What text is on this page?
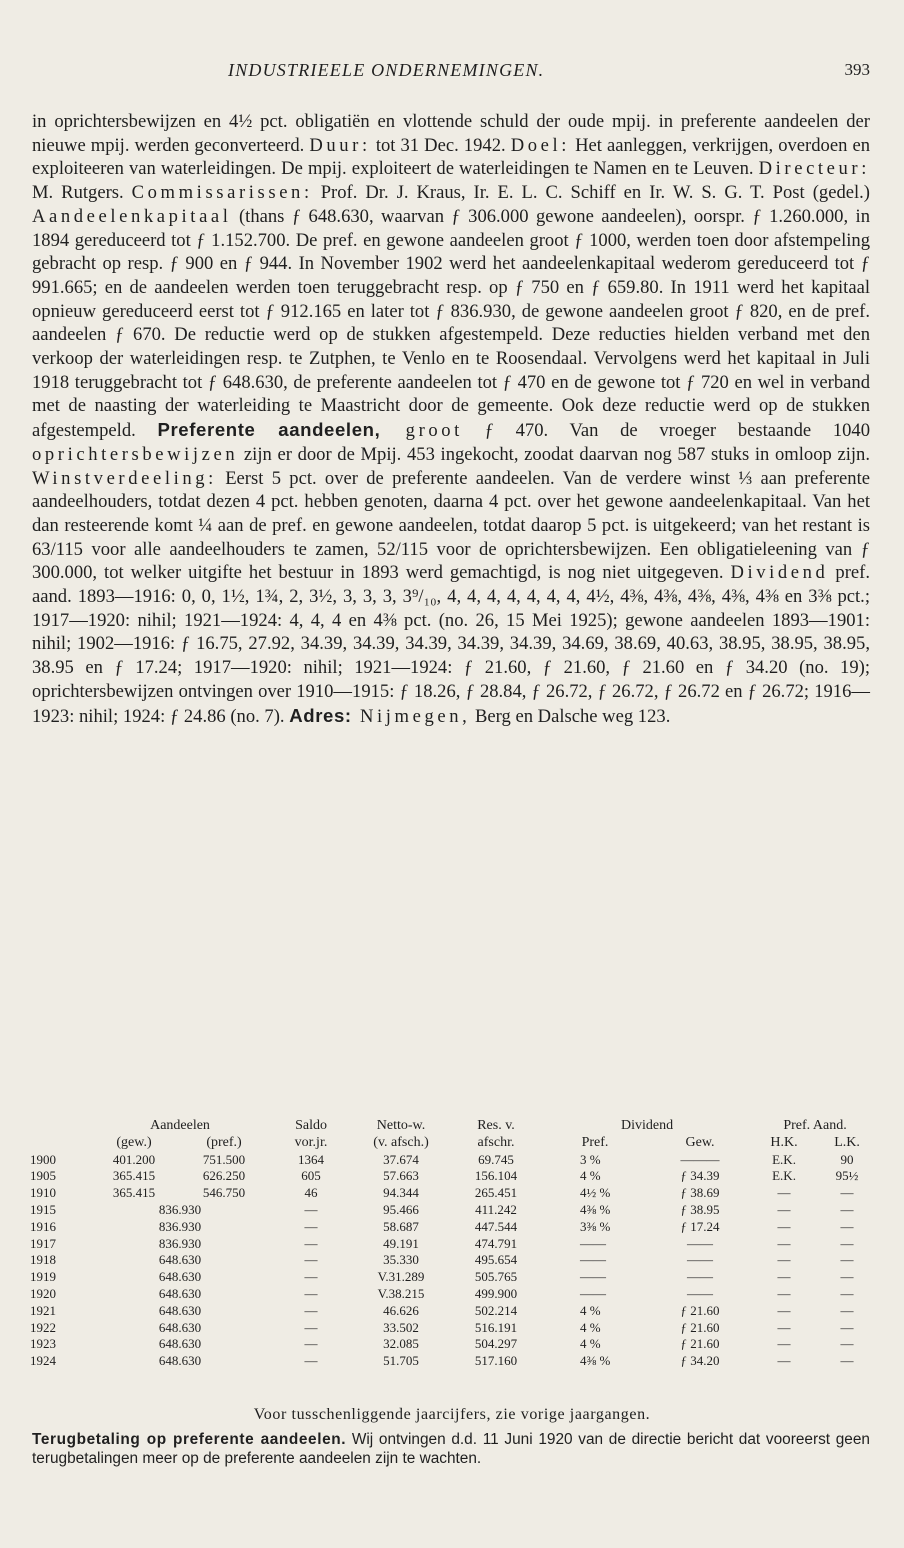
INDUSTRIEELE ONDERNEMINGEN.	393

in oprichtersbewijzen en 4½ pct. obligatiën en vlottende schuld der oude mpij. in preferente aandeelen der nieuwe mpij. werden geconverteerd. Duur: tot 31 Dec. 1942. Doel: Het aanleggen, verkrijgen, overdoen en exploiteeren van waterleidingen. De mpij. exploiteert de waterleidingen te Namen en te Leuven. Directeur: M. Rutgers. Commissarissen: Prof. Dr. J. Kraus, Ir. E. L. C. Schiff en Ir. W. S. G. T. Post (gedel.) Aandeelenkapitaal (thans ƒ 648.630, waarvan ƒ 306.000 gewone aandeelen), oorspr. ƒ 1.260.000, in 1894 gereduceerd tot ƒ 1.152.700. De pref. en gewone aandeelen groot ƒ 1000, werden toen door afstempeling gebracht op resp. ƒ 900 en ƒ 944. In November 1902 werd het aandeelenkapitaal wederom gereduceerd tot ƒ 991.665; en de aandeelen werden toen teruggebracht resp. op ƒ 750 en ƒ 659.80. In 1911 werd het kapitaal opnieuw gereduceerd eerst tot ƒ 912.165 en later tot ƒ 836.930, de gewone aandeelen groot ƒ 820, en de pref. aandeelen ƒ 670. De reductie werd op de stukken afgestempeld. Deze reducties hielden verband met den verkoop der waterleidingen resp. te Zutphen, te Venlo en te Roosendaal. Vervolgens werd het kapitaal in Juli 1918 teruggebracht tot ƒ 648.630, de preferente aandeelen tot ƒ 470 en de gewone tot ƒ 720 en wel in verband met de naasting der waterleiding te Maastricht door de gemeente. Ook deze reductie werd op de stukken afgestempeld. Preferente aandeelen, groot ƒ 470. Van de vroeger bestaande 1040 oprichtersbewijzen zijn er door de Mpij. 453 ingekocht, zoodat daarvan nog 587 stuks in omloop zijn. Winstverdeeling: Eerst 5 pct. over de preferente aandeelen. Van de verdere winst ⅓ aan preferente aandeelhouders, totdat dezen 4 pct. hebben genoten, daarna 4 pct. over het gewone aandeelenkapitaal. Van het dan resteerende komt ¼ aan de pref. en gewone aandeelen, totdat daarop 5 pct. is uitgekeerd; van het restant is 63/115 voor alle aandeelhouders te zamen, 52/115 voor de oprichtersbewijzen. Een obligatieleening van ƒ 300.000, tot welker uitgifte het bestuur in 1893 werd gemachtigd, is nog niet uitgegeven. Dividend pref. aand. 1893—1916: 0, 0, 1½, 1¾, 2, 3½, 3, 3, 3, 3⁹/₁₀, 4, 4, 4, 4, 4, 4, 4, 4½, 4⅜, 4⅜, 4⅜, 4⅜, 4⅜ en 3⅜ pct.; 1917—1920: nihil; 1921—1924: 4, 4, 4 en 4⅜ pct. (no. 26, 15 Mei 1925); gewone aandeelen 1893—1901: nihil; 1902—1916: ƒ 16.75, 27.92, 34.39, 34.39, 34.39, 34.39, 34.39, 34.69, 38.69, 40.63, 38.95, 38.95, 38.95, 38.95 en ƒ 17.24; 1917—1920: nihil; 1921—1924: ƒ 21.60, ƒ 21.60, ƒ 21.60 en ƒ 34.20 (no. 19); oprichtersbewijzen ontvingen over 1910—1915: ƒ 18.26, ƒ 28.84, ƒ 26.72, ƒ 26.72, ƒ 26.72 en ƒ 26.72; 1916—1923: nihil; 1924: ƒ 24.86 (no. 7). Adres: Nijmegen, Berg en Dalsche weg 123.

	Aandeelen		Saldo	Netto-w.	Res. v.	Dividend		Pref. Aand.	
	(gew.)	(pref.)	vor.jr.	(v. afsch.)	afschr.	Pref.	Gew.	H.K.	L.K.
1900	401.200	751.500	1364	37.674	69.745	3 %	———	E.K.	90
1905	365.415	626.250	605	57.663	156.104	4 %	ƒ 34.39	E.K.	95½
1910	365.415	546.750	46	94.344	265.451	4½ %	ƒ 38.69	—	—
1915	836.930		—	95.466	411.242	4⅜ %	ƒ 38.95	—	—
1916	836.930		—	58.687	447.544	3⅜ %	ƒ 17.24	—	—
1917	836.930		—	49.191	474.791	——	——	—	—
1918	648.630		—	35.330	495.654	——	——	—	—
1919	648.630		—	V.31.289	505.765	——	——	—	—
1920	648.630		—	V.38.215	499.900	——	——	—	—
1921	648.630		—	46.626	502.214	4 %	ƒ 21.60	—	—
1922	648.630		—	33.502	516.191	4 %	ƒ 21.60	—	—
1923	648.630		—	32.085	504.297	4 %	ƒ 21.60	—	—
1924	648.630		—	51.705	517.160	4⅜ %	ƒ 34.20	—	—
Voor tusschenliggende jaarcijfers, zie vorige jaargangen.
Terugbetaling op preferente aandeelen. Wij ontvingen d.d. 11 Juni 1920 van de directie bericht dat vooreerst geen terugbetalingen meer op de preferente aandeelen zijn te wachten.
